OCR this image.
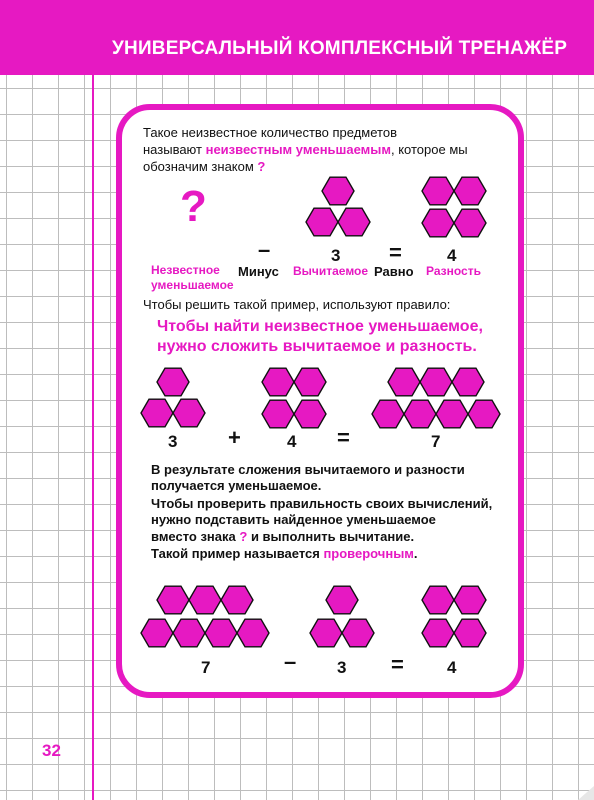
УНИВЕРСАЛЬНЫЙ КОМПЛЕКСНЫЙ ТРЕНАЖЁР
32
Такое неизвестное количество предметов
называют неизвестным уменьшаемым, которое мы
обозначим знаком ?
?
–	3 =	4
Незвестное
уменьшаемое
Минус Вычитаемое Равно Разность
Чтобы решить такой пример, используют правило:
Чтобы найти неизвестное уменьшаемое,
нужно сложить вычитаемое и разность.
3 +	4 =	7
В результате сложения вычитаемого и разности
получается уменьшаемое.
Чтобы проверить правильность своих вычислений,
нужно подставить найденное уменьшаемое
вместо знака ? и выполнить вычитание.
Такой пример называется проверочным.
7	– 3 =	4
